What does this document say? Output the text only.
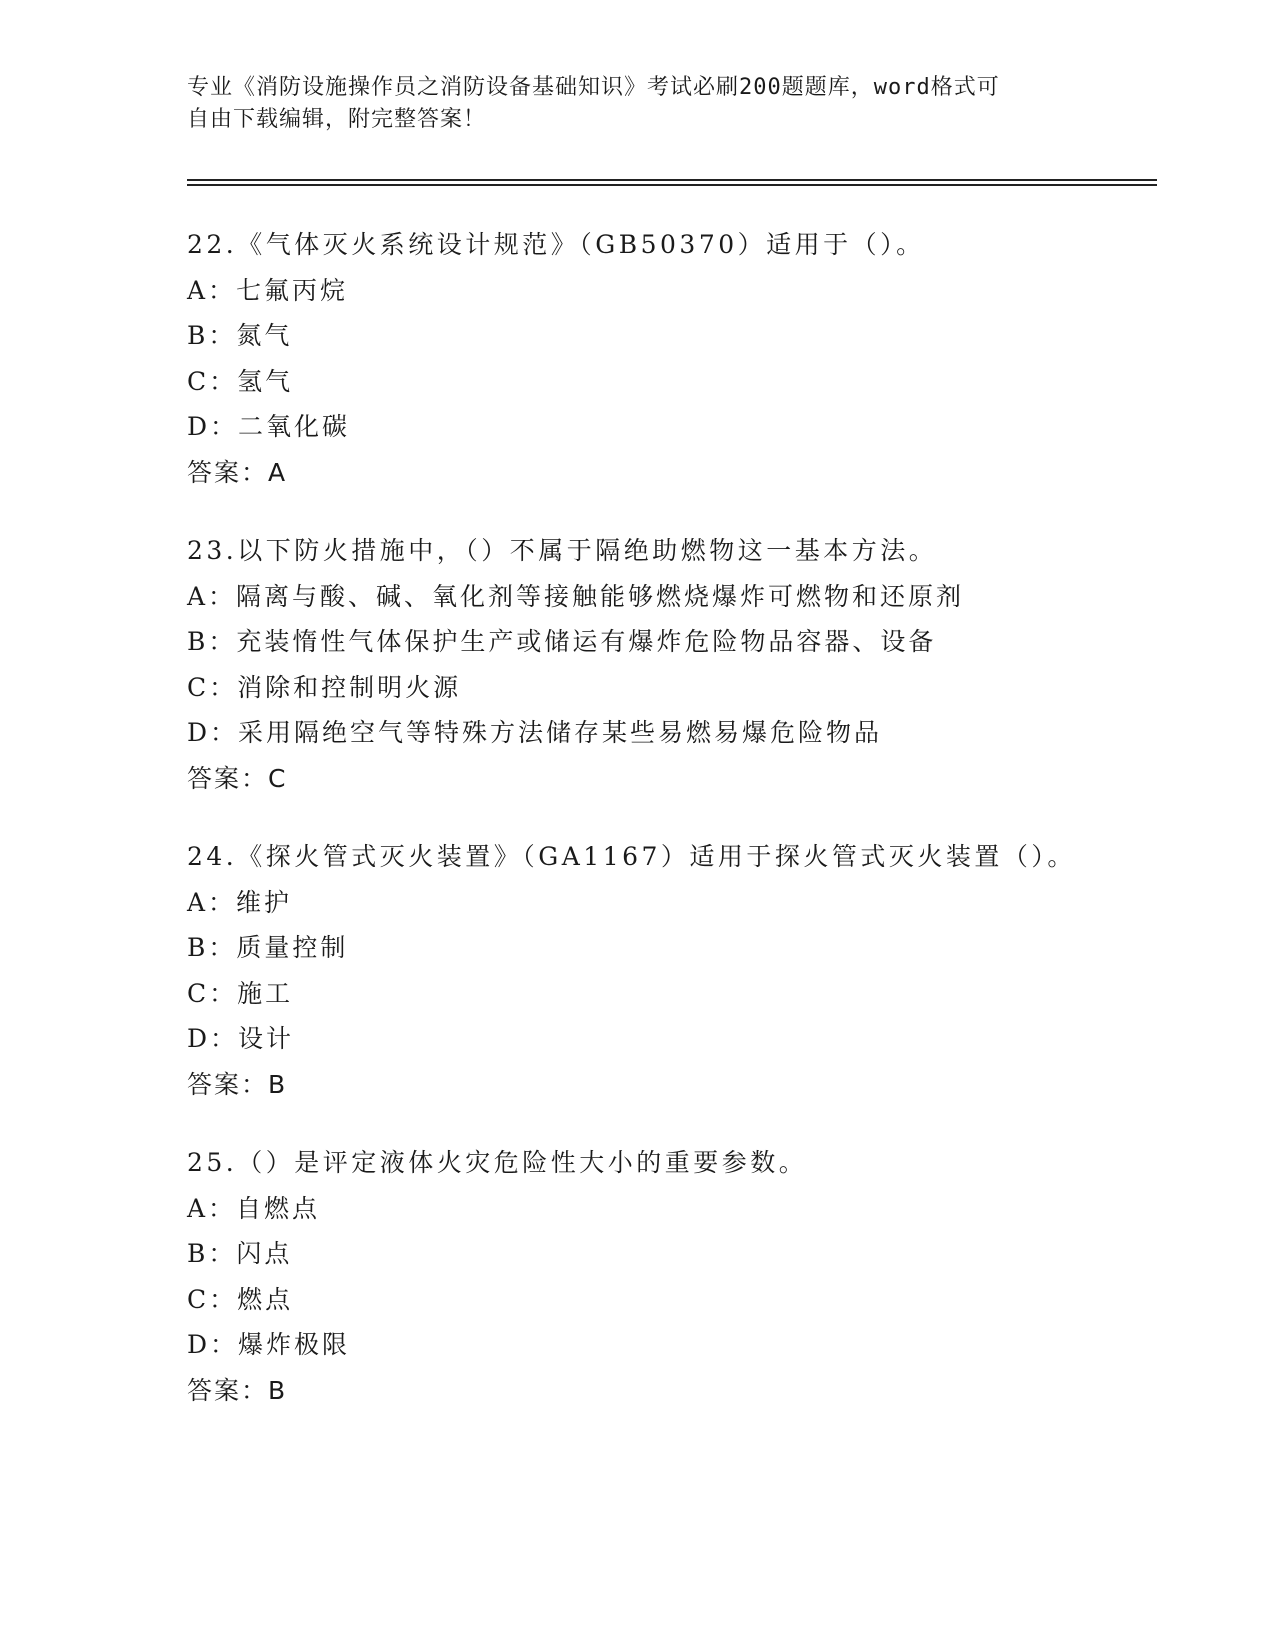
专业《消防设施操作员之消防设备基础知识》考试必刷200题题库，word格式可
自由下载编辑，附完整答案！
22.《气体灭火系统设计规范》（GB50370）适用于（）。
A：七氟丙烷
B：氮气
C：氢气
D：二氧化碳
答案：A
23.以下防火措施中，（）不属于隔绝助燃物这一基本方法。
A：隔离与酸、碱、氧化剂等接触能够燃烧爆炸可燃物和还原剂
B：充装惰性气体保护生产或储运有爆炸危险物品容器、设备
C：消除和控制明火源
D：采用隔绝空气等特殊方法储存某些易燃易爆危险物品
答案：C
24.《探火管式灭火装置》（GA1167）适用于探火管式灭火装置（）。
A：维护
B：质量控制
C：施工
D：设计
答案：B
25.（）是评定液体火灾危险性大小的重要参数。
A：自燃点
B：闪点
C：燃点
D：爆炸极限
答案：B
